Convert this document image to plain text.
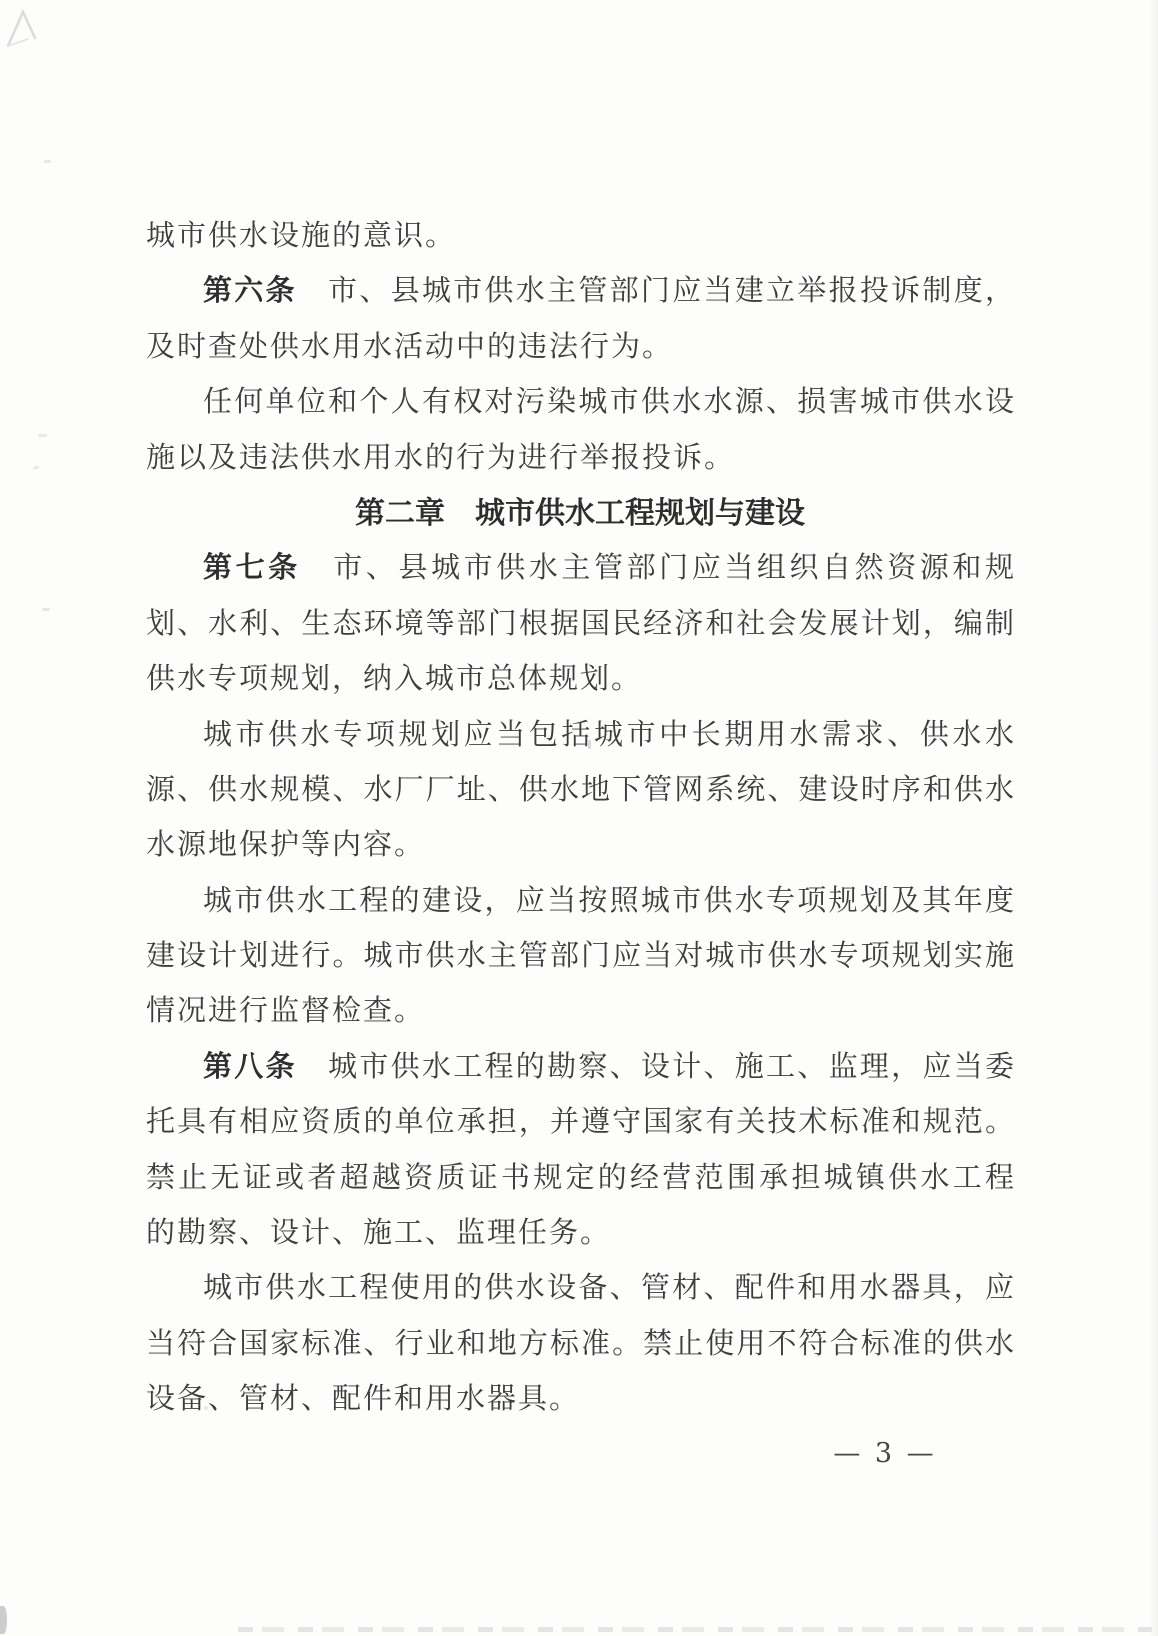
城市供水设施的意识。
第六条　市、县城市供水主管部门应当建立举报投诉制度，
及时查处供水用水活动中的违法行为。
任何单位和个人有权对污染城市供水水源、损害城市供水设
施以及违法供水用水的行为进行举报投诉。
第二章　城市供水工程规划与建设
第七条　市、县城市供水主管部门应当组织自然资源和规
划、水利、生态环境等部门根据国民经济和社会发展计划，编制
供水专项规划，纳入城市总体规划。
城市供水专项规划应当包括城市中长期用水需求、供水水
源、供水规模、水厂厂址、供水地下管网系统、建设时序和供水
水源地保护等内容。
城市供水工程的建设，应当按照城市供水专项规划及其年度
建设计划进行。城市供水主管部门应当对城市供水专项规划实施
情况进行监督检查。
第八条　城市供水工程的勘察、设计、施工、监理，应当委
托具有相应资质的单位承担，并遵守国家有关技术标准和规范。
禁止无证或者超越资质证书规定的经营范围承担城镇供水工程
的勘察、设计、施工、监理任务。
城市供水工程使用的供水设备、管材、配件和用水器具，应
当符合国家标准、行业和地方标准。禁止使用不符合标准的供水
设备、管材、配件和用水器具。
— 3 —
